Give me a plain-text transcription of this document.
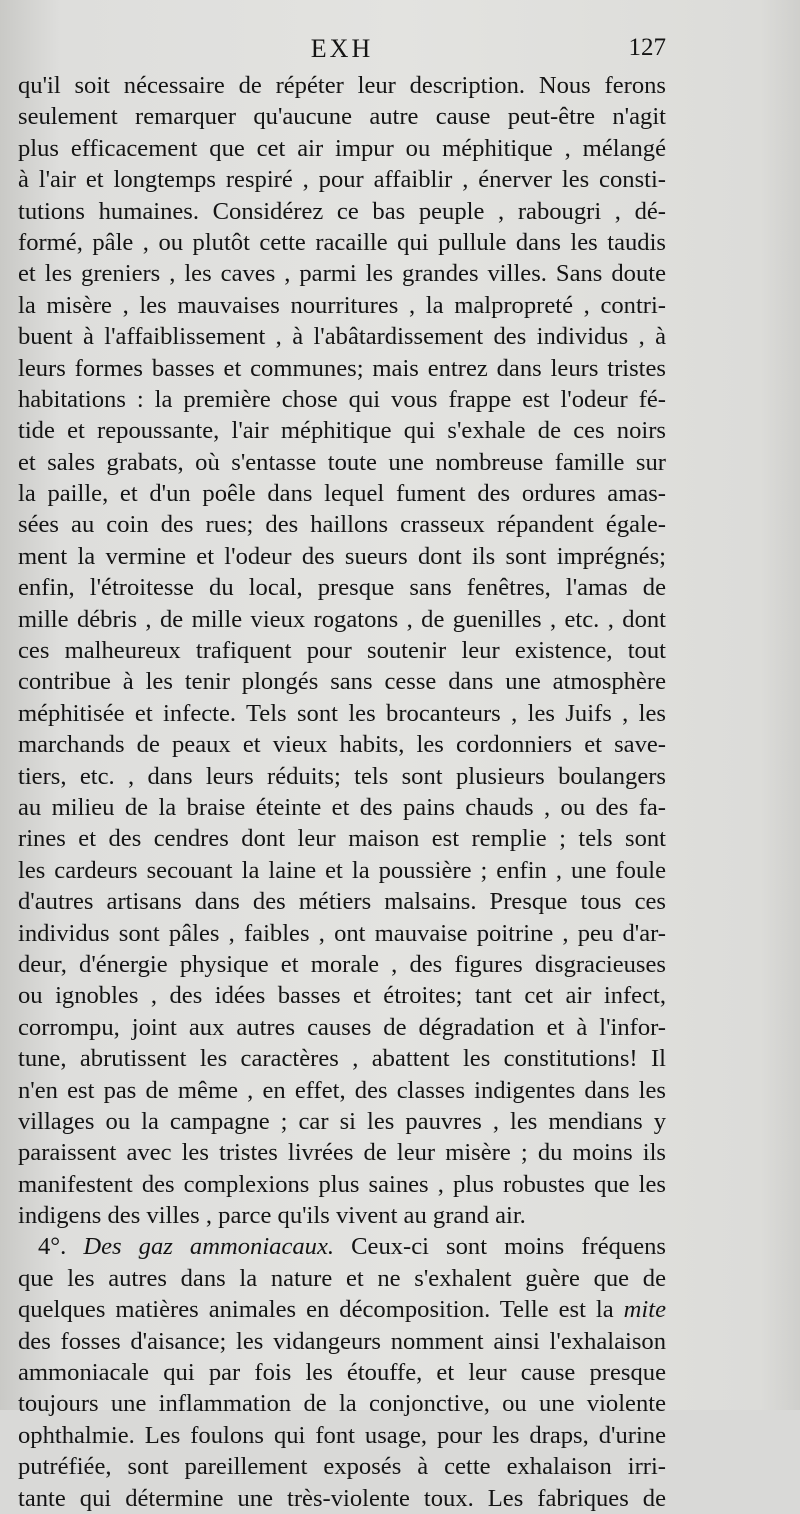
EXH	127
qu'il soit nécessaire de répéter leur description. Nous ferons
seulement remarquer qu'aucune autre cause peut-être n'agit
plus efficacement que cet air impur ou méphitique , mélangé
à l'air et longtemps respiré , pour affaiblir , énerver les consti-
tutions humaines. Considérez ce bas peuple , rabougri , dé-
formé, pâle , ou plutôt cette racaille qui pullule dans les taudis
et les greniers , les caves , parmi les grandes villes. Sans doute
la misère , les mauvaises nourritures , la malpropreté , contri-
buent à l'affaiblissement , à l'abâtardissement des individus , à
leurs formes basses et communes; mais entrez dans leurs tristes
habitations : la première chose qui vous frappe est l'odeur fé-
tide et repoussante, l'air méphitique qui s'exhale de ces noirs
et sales grabats, où s'entasse toute une nombreuse famille sur
la paille, et d'un poêle dans lequel fument des ordures amas-
sées au coin des rues; des haillons crasseux répandent égale-
ment la vermine et l'odeur des sueurs dont ils sont imprégnés;
enfin, l'étroitesse du local, presque sans fenêtres, l'amas de
mille débris , de mille vieux rogatons , de guenilles , etc. , dont
ces malheureux trafiquent pour soutenir leur existence, tout
contribue à les tenir plongés sans cesse dans une atmosphère
méphitisée et infecte. Tels sont les brocanteurs , les Juifs , les
marchands de peaux et vieux habits, les cordonniers et save-
tiers, etc. , dans leurs réduits; tels sont plusieurs boulangers
au milieu de la braise éteinte et des pains chauds , ou des fa-
rines et des cendres dont leur maison est remplie ; tels sont
les cardeurs secouant la laine et la poussière ; enfin , une foule
d'autres artisans dans des métiers malsains. Presque tous ces
individus sont pâles , faibles , ont mauvaise poitrine , peu d'ar-
deur, d'énergie physique et morale , des figures disgracieuses
ou ignobles , des idées basses et étroites; tant cet air infect,
corrompu, joint aux autres causes de dégradation et à l'infor-
tune, abrutissent les caractères , abattent les constitutions! Il
n'en est pas de même , en effet, des classes indigentes dans les
villages ou la campagne ; car si les pauvres , les mendians y
paraissent avec les tristes livrées de leur misère ; du moins ils
manifestent des complexions plus saines , plus robustes que les
indigens des villes , parce qu'ils vivent au grand air.
4°. Des gaz ammoniacaux. Ceux-ci sont moins fréquens
que les autres dans la nature et ne s'exhalent guère que de
quelques matières animales en décomposition. Telle est la mite
des fosses d'aisance; les vidangeurs nomment ainsi l'exhalaison
ammoniacale qui par fois les étouffe, et leur cause presque
toujours une inflammation de la conjonctive, ou une violente
ophthalmie. Les foulons qui font usage, pour les draps, d'urine
putréfiée, sont pareillement exposés à cette exhalaison irri-
tante qui détermine une très-violente toux. Les fabriques de
